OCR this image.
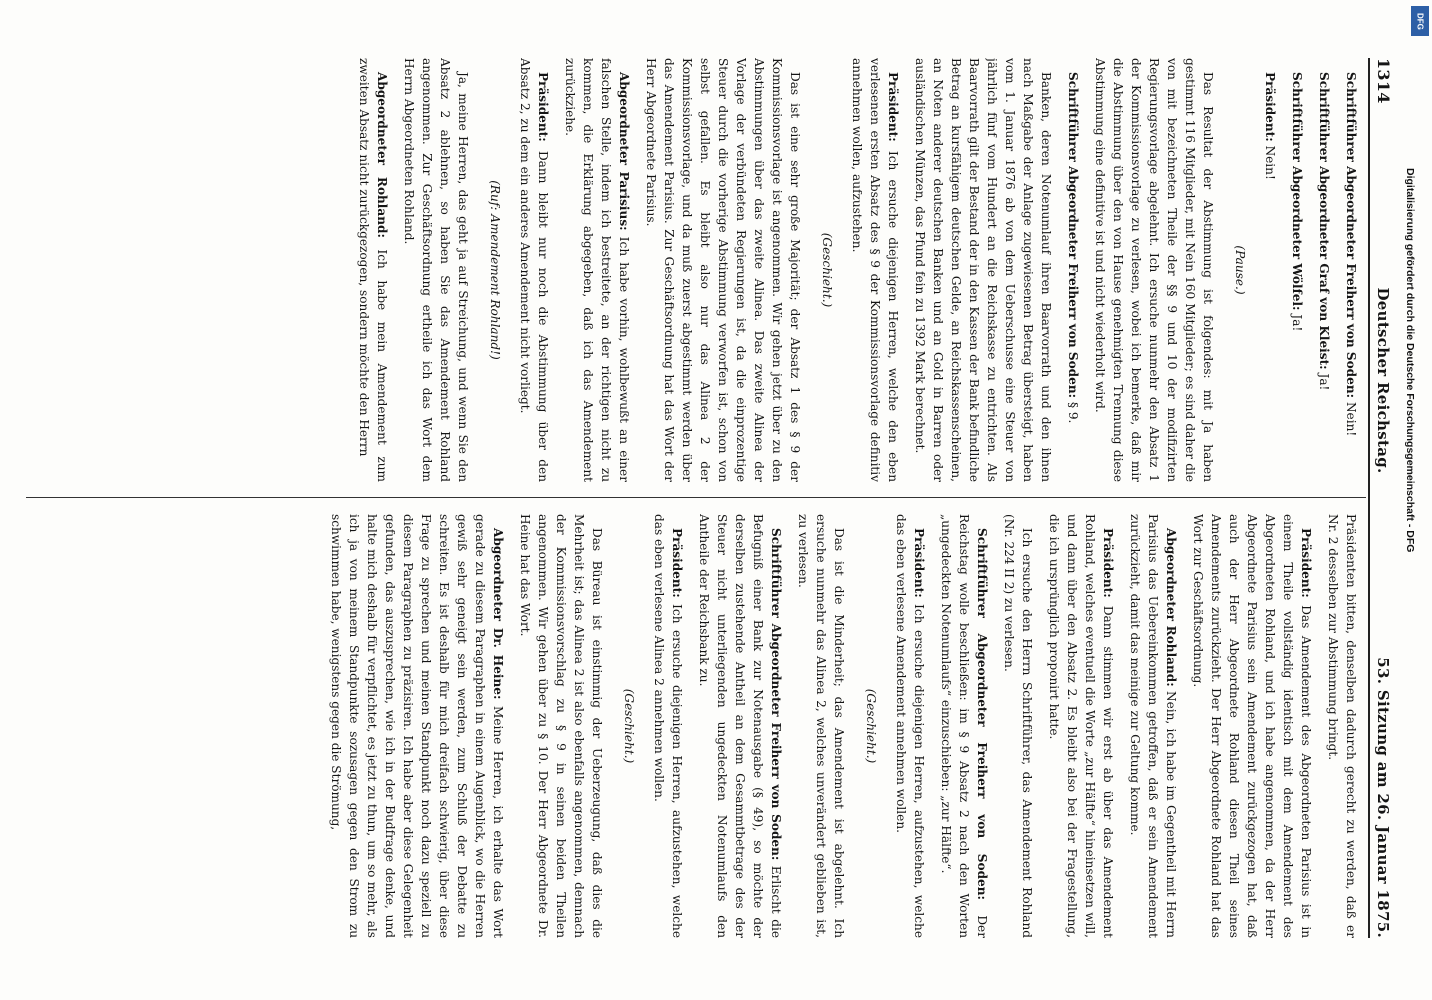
1314
Deutscher Reichstag.
53. Sitzung am 26. Januar 1875.

Schriftführer Abgeordneter Freiherr von Soden: Nein!

Schriftführer Abgeordneter Graf von Kleist: Ja!

Schriftführer Abgeordneter Wölfel: Ja!

Präsident: Nein!

(Pause.)

Das Resultat der Abstimmung ist folgendes: mit Ja haben gestimmt 116 Mitglieder, mit Nein 160 Mitglieder; es sind daher die von mit bezeichneten Theile der §§ 9 und 10 der modifizirten Regierungsvorlage abgelehnt. Ich ersuche nunmehr den Absatz 1 der Kommissionsvorlage zu verlesen, wobei ich bemerke, daß mir die Abstimmung über den von Hause genehmigten Trennung diese Abstimmung eine definitive ist und nicht wiederholt wird.

Schriftführer Abgeordneter Freiherr von Soden: § 9.

Banken, deren Notenumlauf ihren Baarvorrath und den ihnen nach Maßgabe der Anlage zugewiesenen Betrag übersteigt, haben vom 1. Januar 1876 ab von dem Ueberschusse eine Steuer von jährlich fünf vom Hundert an die Reichskasse zu entrichten. Als Baarvorrath gilt der Bestand der in den Kassen der Bank befindliche Betrag an kursfähigem deutschen Gelde, an Reichskassenscheinen, an Noten anderer deutschen Banken und an Gold in Barren oder ausländischen Münzen, das Pfund fein zu 1392 Mark berechnet.

Präsident: Ich ersuche diejenigen Herren, welche den eben verlesenen ersten Absatz des § 9 der Kommissionsvorlage definitiv annehmen wollen, aufzustehen.

(Geschieht.)

Das ist eine sehr große Majorität; der Absatz 1 des § 9 der Kommissionsvorlage ist angenommen. Wir gehen jetzt über zu den Abstimmungen über das zweite Alinea. Das zweite Alinea der Vorlage der verbündeten Regierungen ist, da die einprozentige Steuer durch die vorherige Abstimmung verworfen ist, schon von selbst gefallen. Es bleibt also nur das Alinea 2 der Kommissionsvorlage, und da muß zuerst abgestimmt werden über das Amendement Parisius. Zur Geschäftsordnung hat das Wort der Herr Abgeordnete Parisius.

Abgeordneter Parisius: Ich habe vorhin, wohlbewußt an einer falschen Stelle, indem ich bestreitete, an der richtigen nicht zu kommen, die Erklärung abgegeben, daß ich das Amendement zurückziehe.

Präsident: Dann bleibt nur noch die Abstimmung über den Absatz 2, zu dem ein anderes Amendement nicht vorliegt.

(Ruf: Amendement Rohland!)

Ja, meine Herren, das geht ja auf Streichung, und wenn Sie den Absatz 2 ablehnen, so haben Sie das Amendement Rohland angenommen. Zur Geschäftsordnung ertheile ich das Wort dem Herrn Abgeordneten Rohland.

Abgeordneter Rohland: Ich habe mein Amendement zum zweiten Absatz nicht zurückgezogen, sondern möchte den Herrn

Präsidenten bitten, denselben dadurch gerecht zu werden, daß er Nr. 2 desselben zur Abstimmung bringt.

Präsident: Das Amendement des Abgeordneten Parisius ist in einem Theile vollständig identisch mit dem Amendement des Abgeordneten Rohland, und ich habe angenommen, da der Herr Abgeordnete Parisius sein Amendement zurückgezogen hat, daß auch der Herr Abgeordnete Rohland diesen Theil seines Amendements zurückzieht. Der Herr Abgeordnete Rohland hat das Wort zur Geschäftsordnung.

Abgeordneter Rohland: Nein, ich habe im Gegentheil mit Herrn Parisius das Uebereinkommen getroffen, daß er sein Amendement zurückzieht, damit das meinige zur Geltung komme.

Präsident: Dann stimmen wir erst ab über das Amendement Rohland, welches eventuell die Worte „zur Hälfte“ hineinsetzen will, und dann über den Absatz 2. Es bleibt also bei der Fragestellung, die ich ursprünglich proponirt hatte.

Ich ersuche den Herrn Schriftführer, das Amendement Rohland (Nr. 224 II 2) zu verlesen.

Schriftführer Abgeordneter Freiherr von Soden: Der Reichstag wolle beschließen: im § 9 Absatz 2 nach den Worten „ungedeckten Notenumlaufs“ einzuschieben: „zur Hälfte“.

Präsident: Ich ersuche diejenigen Herren, aufzustehen, welche das eben verlesene Amendement annehmen wollen.

(Geschieht.)

Das ist die Minderheit; das Amendement ist abgelehnt. Ich ersuche nunmehr das Alinea 2, welches unverändert geblieben ist, zu verlesen.

Schriftführer Abgeordneter Freiherr von Soden: Erlischt die Befugniß einer Bank zur Notenausgabe (§ 49), so möchte der derselben zustehende Antheil an dem Gesammtbetrage des der Steuer nicht unterliegenden ungedeckten Notenumlaufs den Antheile der Reichsbank zu.

Präsident: Ich ersuche diejenigen Herren, aufzustehen, welche das eben verlesene Alinea 2 annehmen wollen.

(Geschieht.)

Das Büreau ist einstimmig der Ueberzeugung, daß dies die Mehrheit ist; das Alinea 2 ist also ebenfalls angenommen, demnach der Kommissionsvorschlag zu § 9 in seinen beiden Theilen angenommen. Wir gehen über zu § 10. Der Herr Abgeordnete Dr. Heine hat das Wort.

Abgeordneter Dr. Heine: Meine Herren, ich erhalte das Wort gerade zu diesem Paragraphen in einem Augenblick, wo die Herren gewiß sehr geneigt sein werden, zum Schluß der Debatte zu schreiten. Es ist deshalb für mich dreifach schwierig, über diese Frage zu sprechen und meinen Standpunkt noch dazu speziell zu diesem Paragraphen zu präzisiren. Ich habe aber diese Gelegenheit gefunden, das auszusprechen, wie ich in der Budfrage denke, und halte mich deshalb für verpflichtet, es jetzt zu thun, um so mehr, als ich ja von meinem Standpunkte sozusagen gegen den Strom zu schwimmen habe, wenigstens gegen die Strömung,

Digitalisierung gefördert durch die Deutsche Forschungsgemeinschaft - DFG
DFG
